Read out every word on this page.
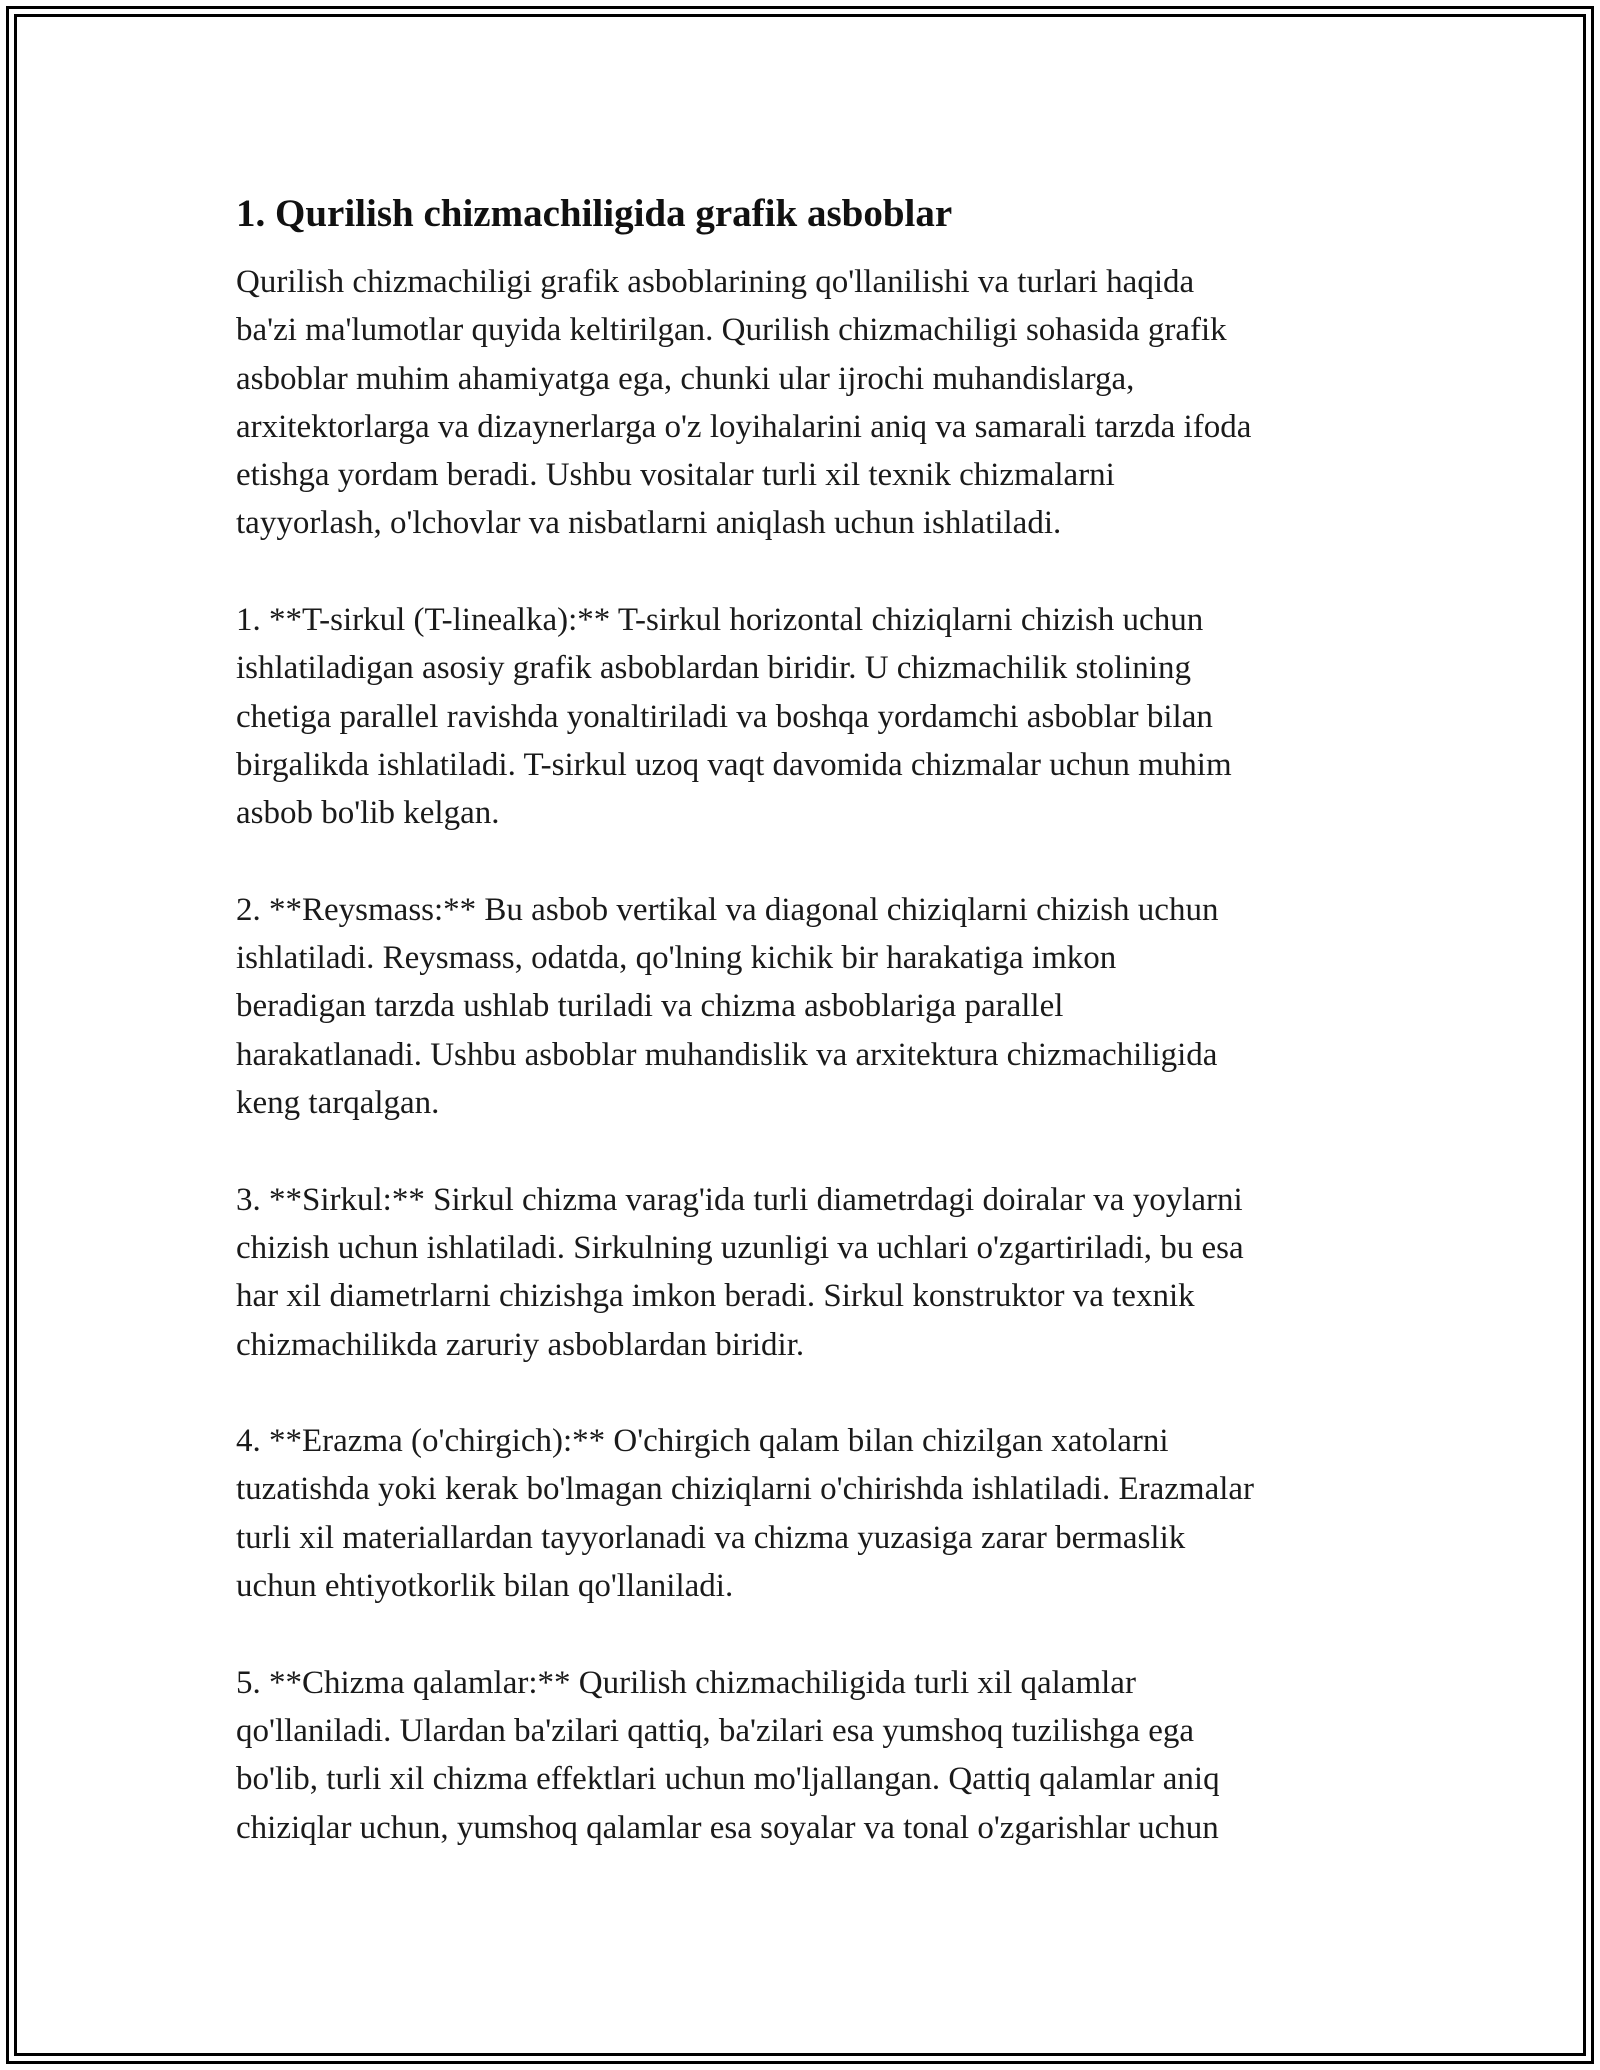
1. Qurilish chizmachiligida grafik asboblar

Qurilish chizmachiligi grafik asboblarining qo'llanilishi va turlari haqida
ba'zi ma'lumotlar quyida keltirilgan. Qurilish chizmachiligi sohasida grafik
asboblar muhim ahamiyatga ega, chunki ular ijrochi muhandislarga,
arxitektorlarga va dizaynerlarga o'z loyihalarini aniq va samarali tarzda ifoda
etishga yordam beradi. Ushbu vositalar turli xil texnik chizmalarni
tayyorlash, o'lchovlar va nisbatlarni aniqlash uchun ishlatiladi.

1. **T-sirkul (T-linealka):** T-sirkul horizontal chiziqlarni chizish uchun
ishlatiladigan asosiy grafik asboblardan biridir. U chizmachilik stolining
chetiga parallel ravishda yonaltiriladi va boshqa yordamchi asboblar bilan
birgalikda ishlatiladi. T-sirkul uzoq vaqt davomida chizmalar uchun muhim
asbob bo'lib kelgan.

2. **Reysmass:** Bu asbob vertikal va diagonal chiziqlarni chizish uchun
ishlatiladi. Reysmass, odatda, qo'lning kichik bir harakatiga imkon
beradigan tarzda ushlab turiladi va chizma asboblariga parallel
harakatlanadi. Ushbu asboblar muhandislik va arxitektura chizmachiligida
keng tarqalgan.

3. **Sirkul:** Sirkul chizma varag'ida turli diametrdagi doiralar va yoylarni
chizish uchun ishlatiladi. Sirkulning uzunligi va uchlari o'zgartiriladi, bu esa
har xil diametrlarni chizishga imkon beradi. Sirkul konstruktor va texnik
chizmachilikda zaruriy asboblardan biridir.

4. **Erazma (o'chirgich):** O'chirgich qalam bilan chizilgan xatolarni
tuzatishda yoki kerak bo'lmagan chiziqlarni o'chirishda ishlatiladi. Erazmalar
turli xil materiallardan tayyorlanadi va chizma yuzasiga zarar bermaslik
uchun ehtiyotkorlik bilan qo'llaniladi.

5. **Chizma qalamlar:** Qurilish chizmachiligida turli xil qalamlar
qo'llaniladi. Ulardan ba'zilari qattiq, ba'zilari esa yumshoq tuzilishga ega
bo'lib, turli xil chizma effektlari uchun mo'ljallangan. Qattiq qalamlar aniq
chiziqlar uchun, yumshoq qalamlar esa soyalar va tonal o'zgarishlar uchun
